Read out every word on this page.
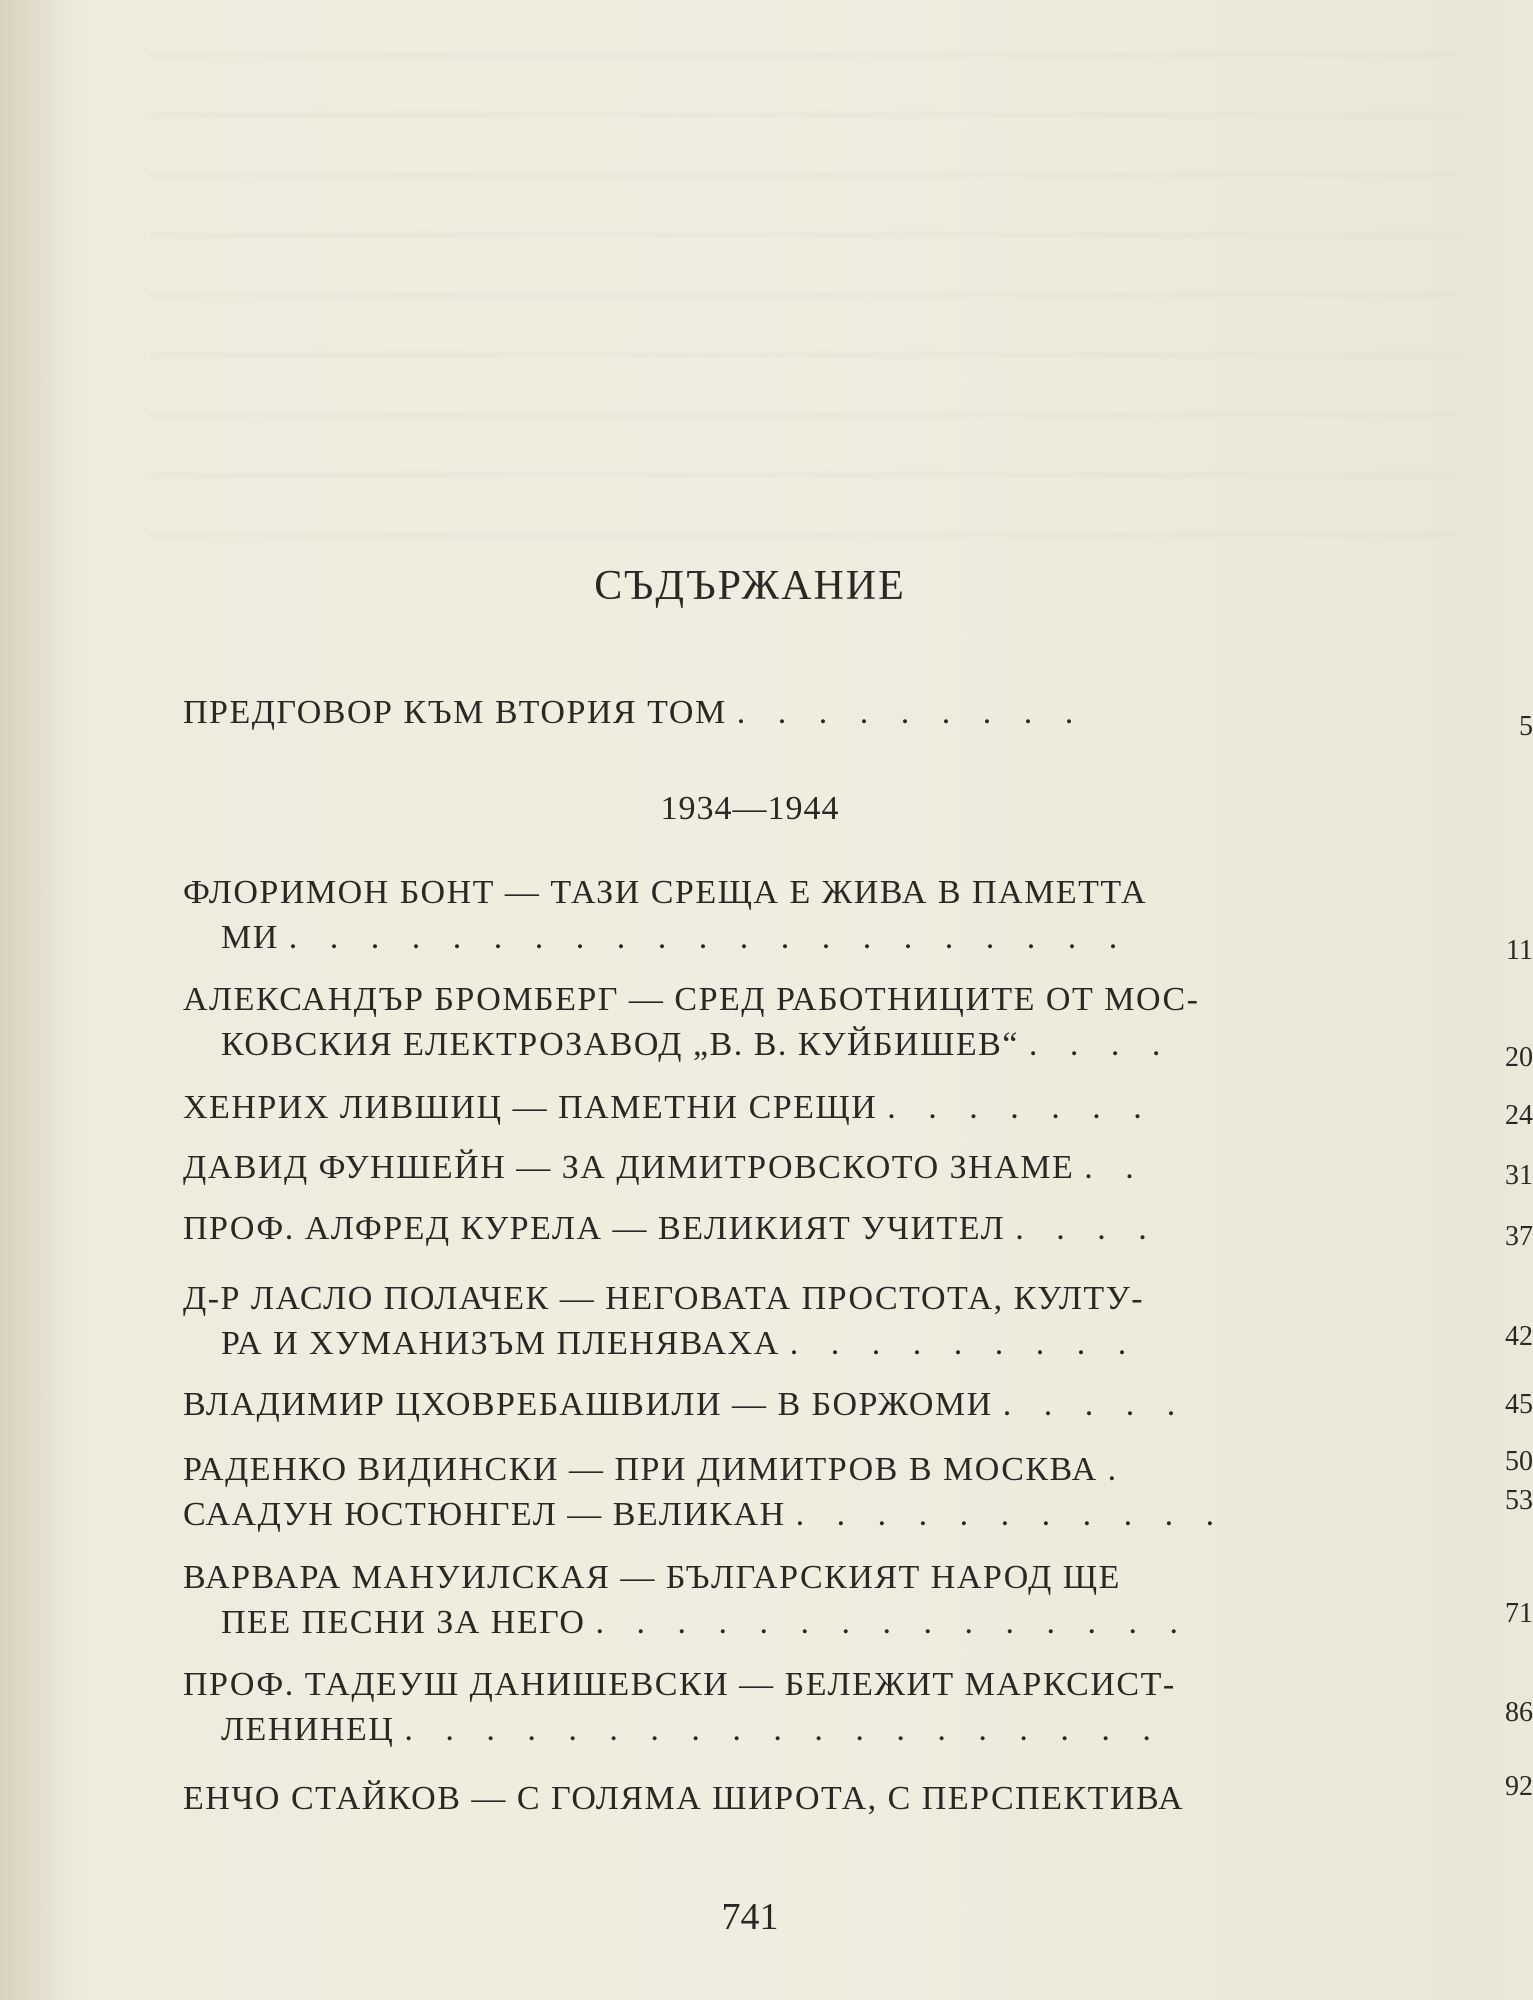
СЪДЪРЖАНИЕ
ПРЕДГОВОР КЪМ ВТОРИЯ ТОМ . . . . . . . . .	5
1934—1944
ФЛОРИМОН БОНТ — ТАЗИ СРЕЩА Е ЖИВА В ПАМЕТТА
МИ . . . . . . . . . . . . . . . . . . . . .	11
АЛЕКСАНДЪР БРОМБЕРГ — СРЕД РАБОТНИЦИТЕ ОТ МОС-
КОВСКИЯ ЕЛЕКТРОЗАВОД „В. В. КУЙБИШЕВ“ . . . .	20
ХЕНРИХ ЛИВШИЦ — ПАМЕТНИ СРЕЩИ . . . . . . .	24
ДАВИД ФУНШЕЙН — ЗА ДИМИТРОВСКОТО ЗНАМЕ . .	31
ПРОФ. АЛФРЕД КУРЕЛА — ВЕЛИКИЯТ УЧИТЕЛ . . . .	37
Д-Р ЛАСЛО ПОЛАЧЕК — НЕГОВАТА ПРОСТОТА, КУЛТУ-
РА И ХУМАНИЗЪМ ПЛЕНЯВАХА . . . . . . . . .	42
ВЛАДИМИР ЦХОВРЕБАШВИЛИ — В БОРЖОМИ . . . . .	45
РАДЕНКО ВИДИНСКИ — ПРИ ДИМИТРОВ В МОСКВА .	50
СААДУН ЮСТЮНГЕЛ — ВЕЛИКАН . . . . . . . . . . .	53
ВАРВАРА МАНУИЛСКАЯ — БЪЛГАРСКИЯТ НАРОД ЩЕ
ПЕЕ ПЕСНИ ЗА НЕГО . . . . . . . . . . . . . . .	71
ПРОФ. ТАДЕУШ ДАНИШЕВСКИ — БЕЛЕЖИТ МАРКСИСТ-
ЛЕНИНЕЦ . . . . . . . . . . . . . . . . . . .	86
ЕНЧО СТАЙКОВ — С ГОЛЯМА ШИРОТА, С ПЕРСПЕКТИВА	92
741
